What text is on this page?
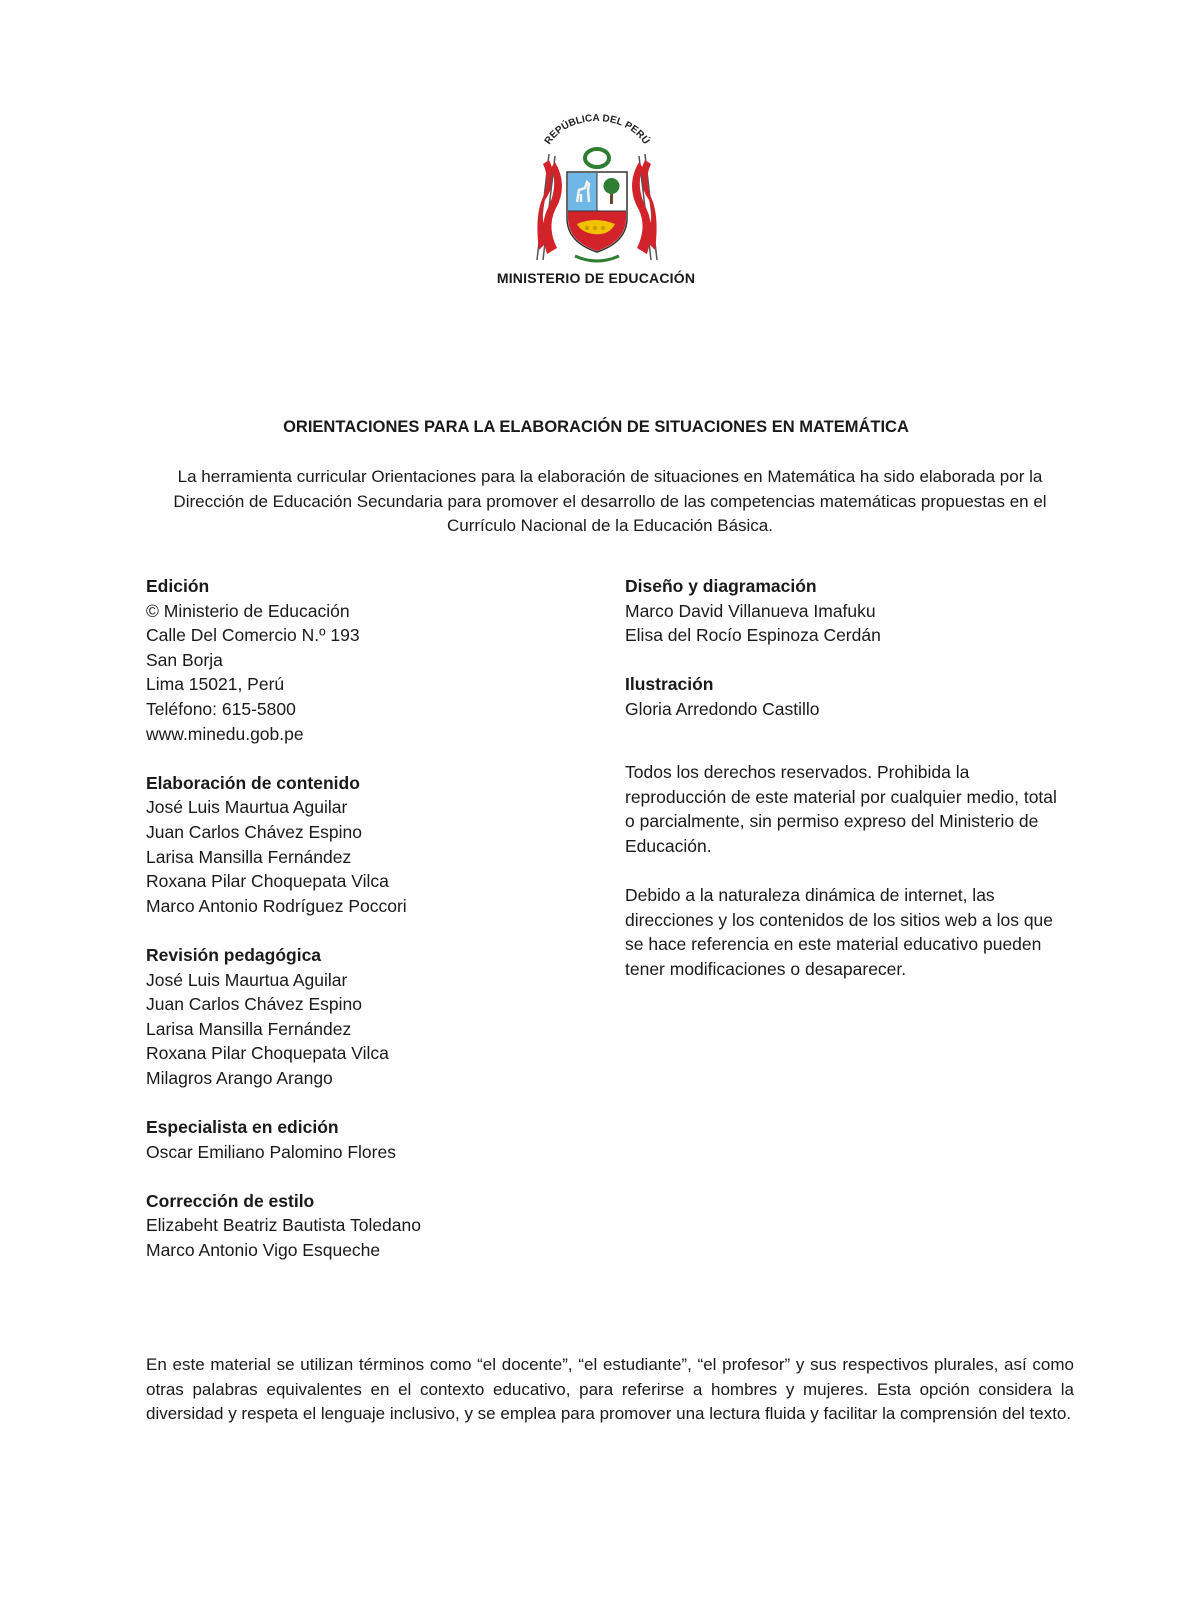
REPÚBLICA DEL PERÚ
MINISTERIO DE EDUCACIÓN
ORIENTACIONES PARA LA ELABORACIÓN DE SITUACIONES EN MATEMÁTICA
La herramienta curricular Orientaciones para la elaboración de situaciones en Matemática ha sido elaborada por la Dirección de Educación Secundaria para promover el desarrollo de las competencias matemáticas propuestas en el Currículo Nacional de la Educación Básica.
Edición
© Ministerio de Educación
Calle Del Comercio N.º 193
San Borja
Lima 15021, Perú
Teléfono: 615-5800
www.minedu.gob.pe
Elaboración de contenido
José Luis Maurtua Aguilar
Juan Carlos Chávez Espino
Larisa Mansilla Fernández
Roxana Pilar Choquepata Vilca
Marco Antonio Rodríguez Poccori
Revisión pedagógica
José Luis Maurtua Aguilar
Juan Carlos Chávez Espino
Larisa Mansilla Fernández
Roxana Pilar Choquepata Vilca
Milagros Arango Arango
Especialista en edición
Oscar Emiliano Palomino Flores
Corrección de estilo
Elizabeht Beatriz Bautista Toledano
Marco Antonio Vigo Esqueche
Diseño y diagramación
Marco David Villanueva Imafuku
Elisa del Rocío Espinoza Cerdán
Ilustración
Gloria Arredondo Castillo
Todos los derechos reservados. Prohibida la reproducción de este material por cualquier medio, total o parcialmente, sin permiso expreso del Ministerio de Educación.
Debido a la naturaleza dinámica de internet, las direcciones y los contenidos de los sitios web a los que se hace referencia en este material educativo pueden tener modificaciones o desaparecer.
En este material se utilizan términos como “el docente”, “el estudiante”, “el profesor” y sus respectivos plurales, así como otras palabras equivalentes en el contexto educativo, para referirse a hombres y mujeres. Esta opción considera la diversidad y respeta el lenguaje inclusivo, y se emplea para promover una lectura fluida y facilitar la comprensión del texto.
